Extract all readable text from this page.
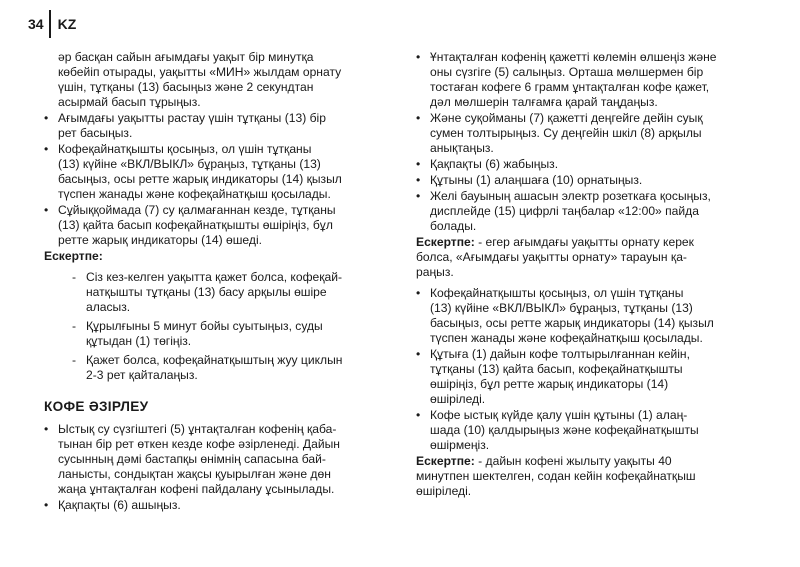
34 KZ
әр басқан сайын ағымдағы уақыт бір минутқа
көбейіп отырады, уақытты «МИН» жылдам орнату
үшін, тұтқаны (13) басыңыз және 2 секундтан
асырмай басып тұрыңыз.
• Ағымдағы уақытты растау үшін тұтқаны (13) бір
рет басыңыз.
• Кофеқайнатқышты қосыңыз, ол үшін тұтқаны
(13) күйіне «ВКЛ/ВЫКЛ» бұраңыз, тұтқаны (13)
басыңыз, осы ретте жарық индикаторы (14) қызыл
түспен жанады және кофеқайнатқыш қосылады.
• Сұйыққоймада (7) су қалмағаннан кезде, тұтқаны
(13) қайта басып кофеқайнатқышты өшіріңіз, бұл
ретте жарық индикаторы (14) өшеді.
Ескертпе:
- Сіз кез-келген уақытта қажет болса, кофеқай-
натқышты тұтқаны (13) басу арқылы өшіре
аласыз.
- Құрылғыны 5 минут бойы суытыңыз, суды
құтыдан (1) төгіңіз.
- Қажет болса, кофеқайнатқыштың жуу циклын
2-3 рет қайталаңыз.
КОФЕ ӘЗІРЛЕУ
• Ыстық су сүзгіштегі (5) ұнтақталған кофенің қаба-
тынан бір рет өткен кезде кофе әзірленеді. Дайын
сусынның дәмі бастапқы өнімнің сапасына бай-
ланысты, сондықтан жақсы қуырылған және дөн
жаңа ұнтақталған кофені пайдалану ұсынылады.
• Қақпақты (6) ашыңыз.
• Ұнтақталған кофенің қажетті көлемін өлшеңіз және
оны сүзгіге (5) салыңыз. Орташа мөлшермен бір
тостаған кофеге 6 грамм ұнтақталған кофе қажет,
дәл мөлшерін талғамға қарай таңдаңыз.
• Және суқойманы (7) қажетті деңгейге дейін суық
сумен толтырыңыз. Су деңгейін шкіл (8) арқылы
анықтаңыз.
• Қақпақты (6) жабыңыз.
• Құтыны (1) алаңшаға (10) орнатыңыз.
• Желі бауының ашасын электр розеткаға қосыңыз,
дисплейде (15) цифрлі таңбалар «12:00» пайда
болады.
Ескертпе: - егер ағымдағы уақытты орнату керек
болса, «Ағымдағы уақытты орнату» тарауын қа-
раңыз.
• Кофеқайнатқышты қосыңыз, ол үшін тұтқаны
(13) күйіне «ВКЛ/ВЫКЛ» бұраңыз, тұтқаны (13)
басыңыз, осы ретте жарық индикаторы (14) қызыл
түспен жанады және кофеқайнатқыш қосылады.
• Құтыға (1) дайын кофе толтырылғаннан кейін,
тұтқаны (13) қайта басып, кофеқайнатқышты
өшіріңіз, бұл ретте жарық индикаторы (14)
өшіріледі.
• Кофе ыстық күйде қалу үшін құтыны (1) алаң-
шада (10) қалдырыңыз және кофеқайнатқышты
өшірмеңіз.
Ескертпе: - дайын кофені жылыту уақыты 40
минутпен шектелген, содан кейін кофеқайнатқыш
өшіріледі.
